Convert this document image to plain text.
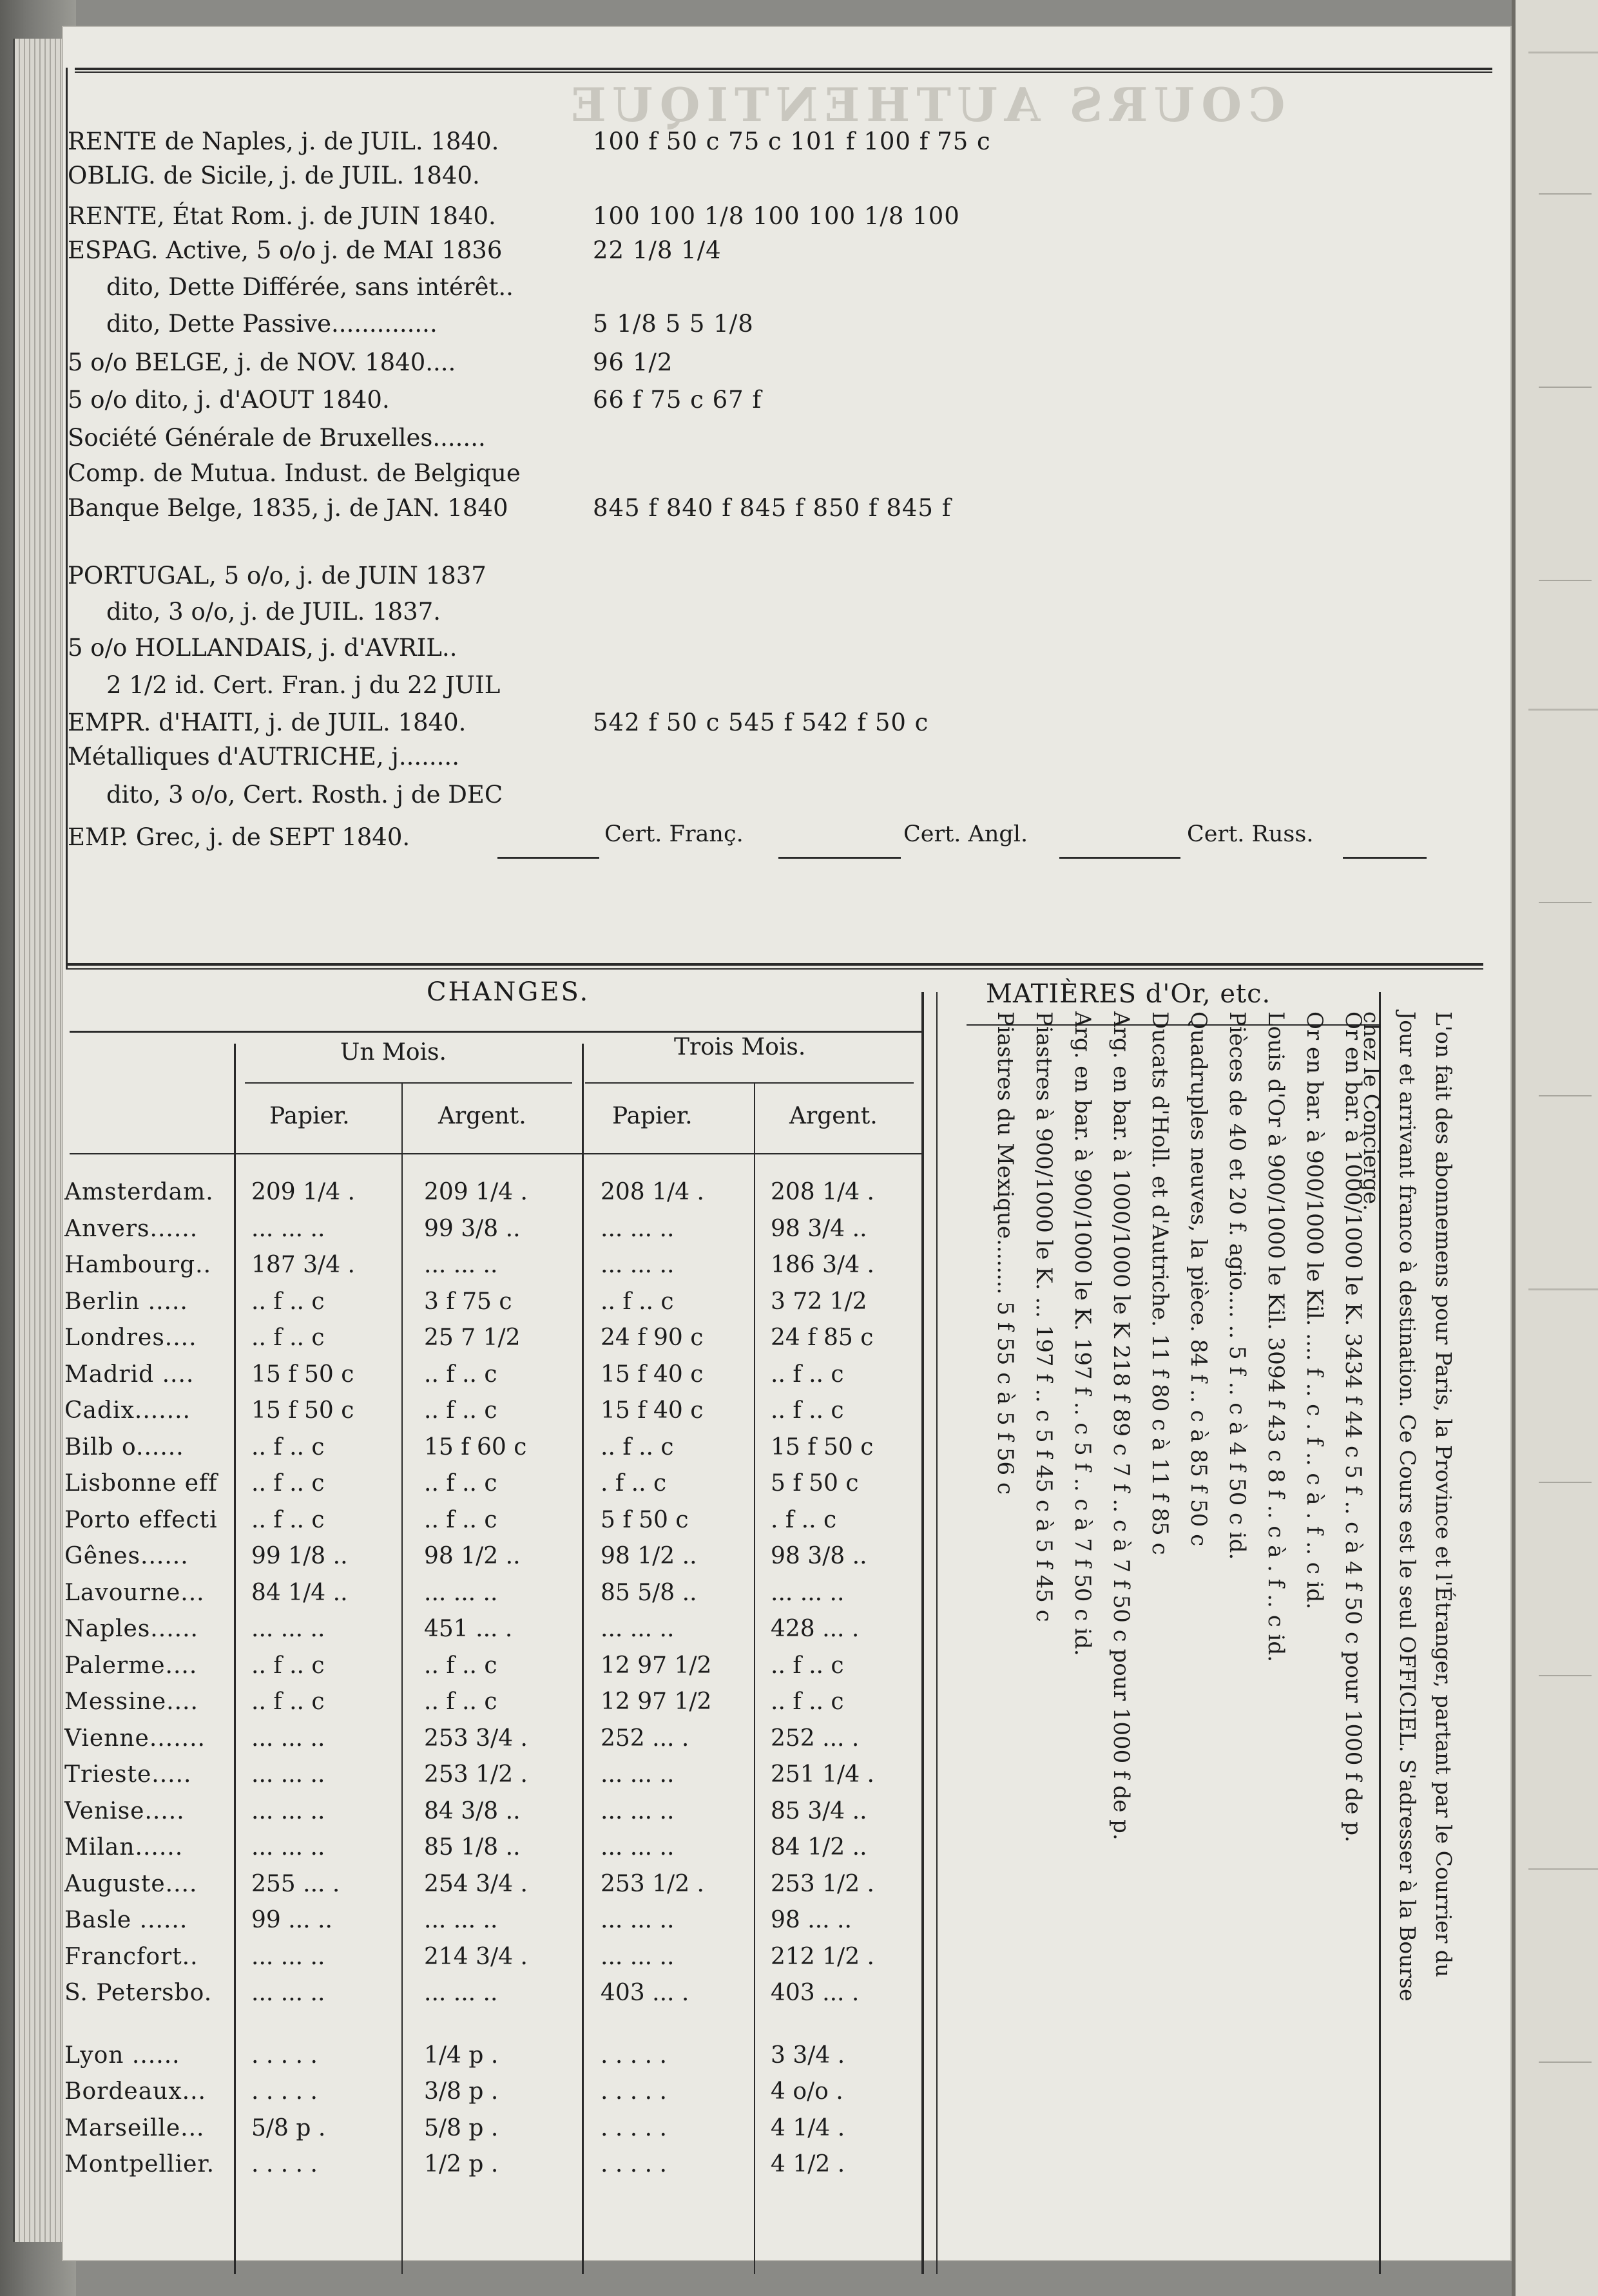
COURS AUTHENTIQUE
RENTE de Naples, j. de JUIL. 1840.	100 f 50 c 75 c 101 f 100 f 75 c
OBLIG. de Sicile, j. de JUIL. 1840.
RENTE, État Rom. j. de JUIN 1840.	100 100 1/8 100 100 1/8 100
ESPAG. Active, 5 o/o j. de MAI 1836	22 1/8 1/4
dito, Dette Différée, sans intérêt..
dito, Dette Passive..............	5 1/8 5 5 1/8
5 o/o BELGE, j. de NOV. 1840....	96 1/2
5 o/o dito, j. d'AOUT 1840.	66 f 75 c 67 f
Société Générale de Bruxelles.......
Comp. de Mutua. Indust. de Belgique
Banque Belge, 1835, j. de JAN. 1840	845 f 840 f 845 f 850 f 845 f
PORTUGAL, 5 o/o, j. de JUIN 1837
dito, 3 o/o, j. de JUIL. 1837.
5 o/o HOLLANDAIS, j. d'AVRIL..
2 1/2 id. Cert. Fran. j du 22 JUIL
EMPR. d'HAITI, j. de JUIL. 1840.	542 f 50 c 545 f 542 f 50 c
Métalliques d'AUTRICHE, j........
dito, 3 o/o, Cert. Rosth. j de DEC
EMP. Grec, j. de SEPT 1840.	Cert. Franç.	Cert. Angl.	Cert. Russ.
CHANGES.
Un Mois.	Trois Mois.
Papier.	Argent.	Papier.	Argent.
Amsterdam. 209 1/4 .	209 1/4 .	208 1/4 .	208 1/4 .
Anvers...... ... ... ..	99 3/8 ..	... ... ..	98 3/4 ..
Hambourg.. 187 3/4 .	... ... ..	... ... ..	186 3/4 .
Berlin .....	.. f .. c	3 f 75 c	.. f .. c	3 72 1/2
Londres.... .. f .. c	25 7 1/2	24 f 90 c	24 f 85 c
Madrid .... 15 f 50 c	.. f .. c	15 f 40 c	.. f .. c
Cadix.......	15 f 50 c	.. f .. c	15 f 40 c	.. f .. c
Bilb o......	.. f .. c	15 f 60 c	.. f .. c	15 f 50 c
Lisbonne eff .. f .. c	.. f .. c	. f .. c	5 f 50 c
Porto effecti .. f .. c	.. f .. c	5 f 50 c	. f .. c
Gênes......	99 1/8 ..	98 1/2 ..	98 1/2 ..	98 3/8 ..
Lavourne... 84 1/4 ..	... ... ..	85 5/8 ..	... ... ..
Naples...... ... ... ..	451 ... .	... ... ..	428 ... .
Palerme.... .. f .. c	.. f .. c	12 97 1/2	.. f .. c
Messine.... .. f .. c	.. f .. c	12 97 1/2	.. f .. c
Vienne....... ... ... ..	253 3/4 .	252 ... .	252 ... .
Trieste.....	... ... ..	253 1/2 .	... ... ..	251 1/4 .
Venise.....	... ... ..	84 3/8 ..	... ... ..	85 3/4 ..
Milan......	... ... ..	85 1/8 ..	... ... ..	84 1/2 ..
Auguste.... 255 ... .	254 3/4 .	253 1/2 .	253 1/2 .
Basle ......	99 ... ..	... ... ..	... ... ..	98 ... ..
Francfort.. ... ... ..	214 3/4 .	... ... ..	212 1/2 .
S. Petersbo. ... ... ..	... ... ..	403 ... .	403 ... .
Lyon ......	. . . . .	1/4 p .	. . . . .	3 3/4 .
Bordeaux... . . . . .	3/8 p .	. . . . .	4 o/o .
Marseille... 5/8 p .	5/8 p .	. . . . .	4 1/4 .
Montpellier. . . . . .	1/2 p .	. . . . .	4 1/2 .
MATIÈRES d'Or, etc.
Or en bar. à 1000/1000 le K. 3434 f 44 c 5 f .. c à 4 f 50 c pour 1000 f de p.
Or en bar. à 900/1000 le Kil. .... f .. c . f .. c à . f .. c id.
Louis d'Or à 900/1000 le Kil. 3094 f 43 c 8 f .. c à . f .. c id.
Pièces de 40 et 20 f. agio.... .. 5 f .. c à 4 f 50 c id.
Quadruples neuves, la pièce. 84 f .. c à 85 f 50 c
Ducats d'Holl. et d'Autriche. 11 f 80 c à 11 f 85 c
Arg. en bar. à 1000/1000 le K 218 f 89 c 7 f .. c à 7 f 50 c pour 1000 f de p.
Arg. en bar. à 900/1000 le K. 197 f .. c 5 f .. c à 7 f 50 c id.
Piastres à 900/1000 le K. ... 197 f .. c 5 f 45 c à 5 f 45 c
Piastres du Mexique........ 5 f 55 c à 5 f 56 c	L'on fait des abonnemens pour Paris, la Province et l'Étranger, partant par le Courrier du
Jour et arrivant franco à destination. Ce Cours est le seul OFFICIEL. S'adresser à la Bourse
chez le Concierge.
